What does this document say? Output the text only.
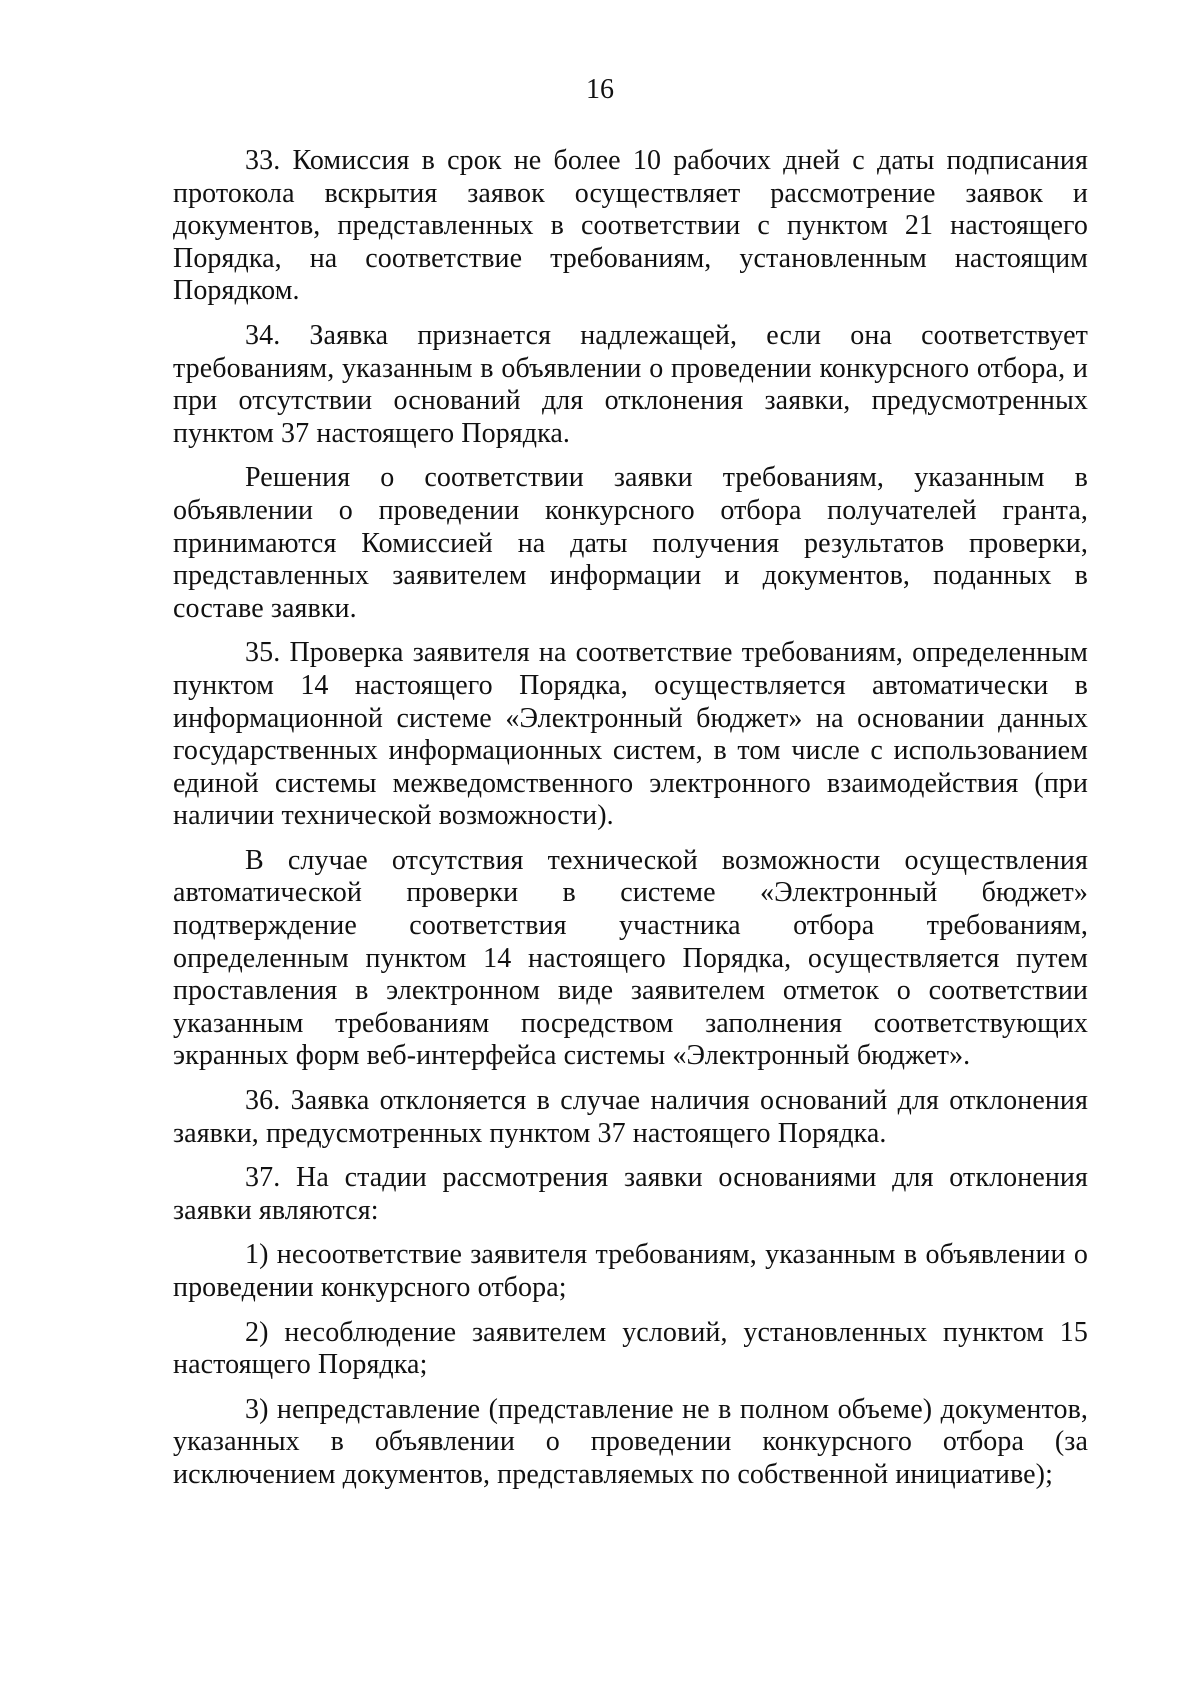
16

33. Комиссия в срок не более 10 рабочих дней с даты подписания протокола вскрытия заявок осуществляет рассмотрение заявок и документов, представленных в соответствии с пунктом 21 настоящего Порядка, на соответствие требованиям, установленным настоящим Порядком.

34. Заявка признается надлежащей, если она соответствует требованиям, указанным в объявлении о проведении конкурсного отбора, и при отсутствии оснований для отклонения заявки, предусмотренных пунктом 37 настоящего Порядка.

Решения о соответствии заявки требованиям, указанным в объявлении о проведении конкурсного отбора получателей гранта, принимаются Комиссией на даты получения результатов проверки, представленных заявителем информации и документов, поданных в составе заявки.

35. Проверка заявителя на соответствие требованиям, определенным пунктом 14 настоящего Порядка, осуществляется автоматически в информационной системе «Электронный бюджет» на основании данных государственных информационных систем, в том числе с использованием единой системы межведомственного электронного взаимодействия (при наличии технической возможности).

В случае отсутствия технической возможности осуществления автоматической проверки в системе «Электронный бюджет» подтверждение соответствия участника отбора требованиям, определенным пунктом 14 настоящего Порядка, осуществляется путем проставления в электронном виде заявителем отметок о соответствии указанным требованиям посредством заполнения соответствующих экранных форм веб-интерфейса системы «Электронный бюджет».

36. Заявка отклоняется в случае наличия оснований для отклонения заявки, предусмотренных пунктом 37 настоящего Порядка.

37. На стадии рассмотрения заявки основаниями для отклонения заявки являются:

1) несоответствие заявителя требованиям, указанным в объявлении о проведении конкурсного отбора;

2) несоблюдение заявителем условий, установленных пунктом 15 настоящего Порядка;

3) непредставление (представление не в полном объеме) документов, указанных в объявлении о проведении конкурсного отбора (за исключением документов, представляемых по собственной инициативе);
